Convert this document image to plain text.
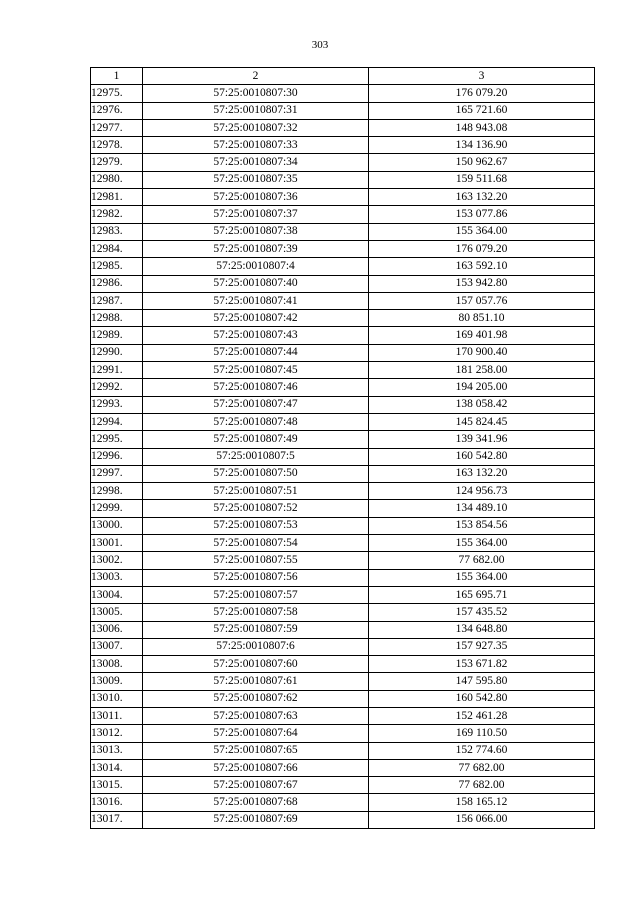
303
1	2	3
12975.	57:25:0010807:30	176 079.20
12976.	57:25:0010807:31	165 721.60
12977.	57:25:0010807:32	148 943.08
12978.	57:25:0010807:33	134 136.90
12979.	57:25:0010807:34	150 962.67
12980.	57:25:0010807:35	159 511.68
12981.	57:25:0010807:36	163 132.20
12982.	57:25:0010807:37	153 077.86
12983.	57:25:0010807:38	155 364.00
12984.	57:25:0010807:39	176 079.20
12985.	57:25:0010807:4	163 592.10
12986.	57:25:0010807:40	153 942.80
12987.	57:25:0010807:41	157 057.76
12988.	57:25:0010807:42	80 851.10
12989.	57:25:0010807:43	169 401.98
12990.	57:25:0010807:44	170 900.40
12991.	57:25:0010807:45	181 258.00
12992.	57:25:0010807:46	194 205.00
12993.	57:25:0010807:47	138 058.42
12994.	57:25:0010807:48	145 824.45
12995.	57:25:0010807:49	139 341.96
12996.	57:25:0010807:5	160 542.80
12997.	57:25:0010807:50	163 132.20
12998.	57:25:0010807:51	124 956.73
12999.	57:25:0010807:52	134 489.10
13000.	57:25:0010807:53	153 854.56
13001.	57:25:0010807:54	155 364.00
13002.	57:25:0010807:55	77 682.00
13003.	57:25:0010807:56	155 364.00
13004.	57:25:0010807:57	165 695.71
13005.	57:25:0010807:58	157 435.52
13006.	57:25:0010807:59	134 648.80
13007.	57:25:0010807:6	157 927.35
13008.	57:25:0010807:60	153 671.82
13009.	57:25:0010807:61	147 595.80
13010.	57:25:0010807:62	160 542.80
13011.	57:25:0010807:63	152 461.28
13012.	57:25:0010807:64	169 110.50
13013.	57:25:0010807:65	152 774.60
13014.	57:25:0010807:66	77 682.00
13015.	57:25:0010807:67	77 682.00
13016.	57:25:0010807:68	158 165.12
13017.	57:25:0010807:69	156 066.00
